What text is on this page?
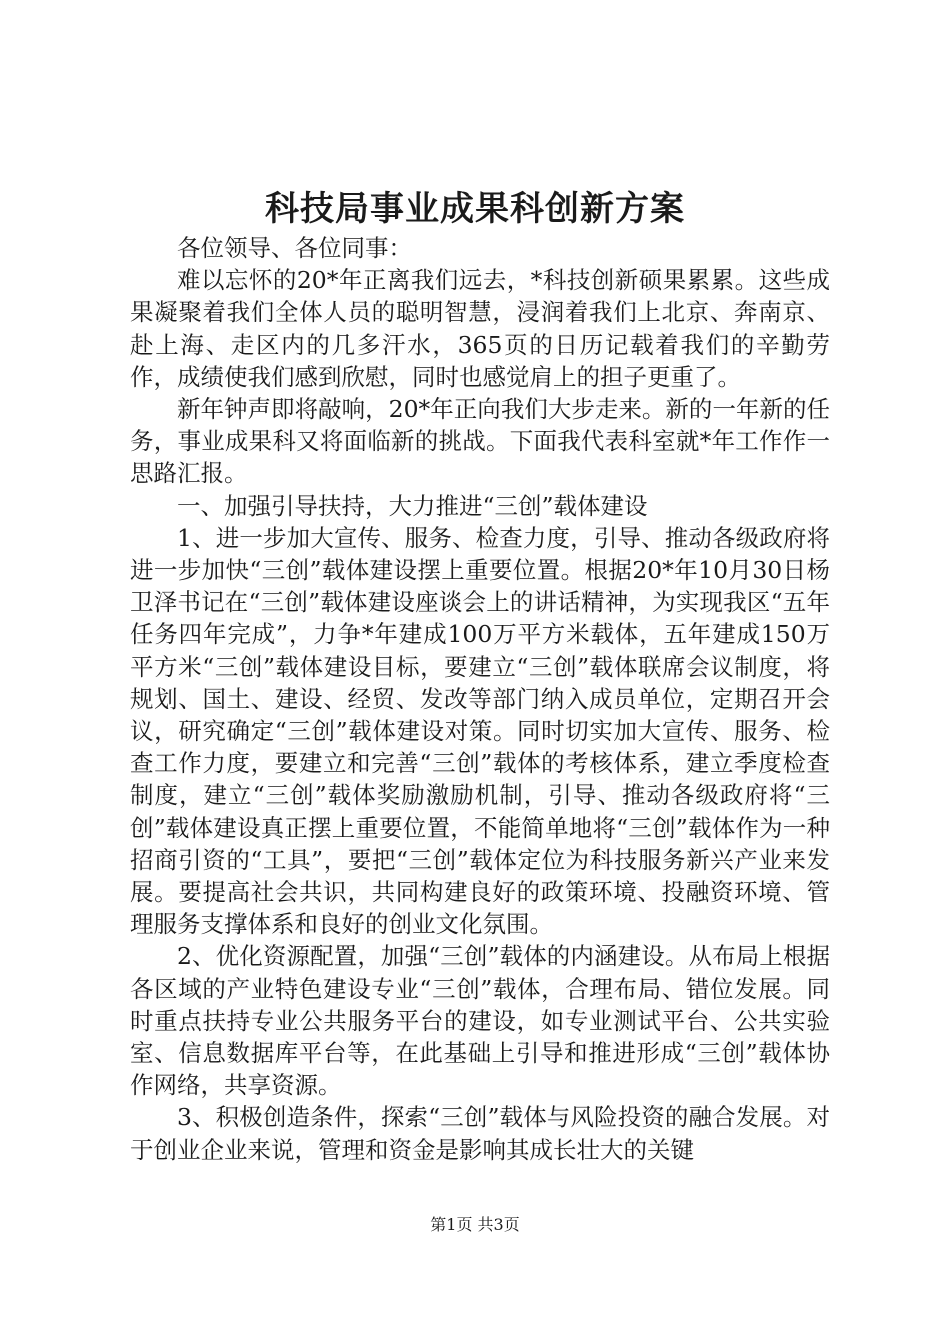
科技局事业成果科创新方案

各位领导、各位同事：

难以忘怀的20*年正离我们远去，*科技创新硕果累累。这些成果凝聚着我们全体人员的聪明智慧，浸润着我们上北京、奔南京、赴上海、走区内的几多汗水，365页的日历记载着我们的辛勤劳作，成绩使我们感到欣慰，同时也感觉肩上的担子更重了。

新年钟声即将敲响，20*年正向我们大步走来。新的一年新的任务，事业成果科又将面临新的挑战。下面我代表科室就*年工作作一思路汇报。

一、加强引导扶持，大力推进“三创”载体建设

1、进一步加大宣传、服务、检查力度，引导、推动各级政府将进一步加快“三创”载体建设摆上重要位置。根据20*年10月30日杨卫泽书记在“三创”载体建设座谈会上的讲话精神，为实现我区“五年任务四年完成”，力争*年建成100万平方米载体，五年建成150万平方米“三创”载体建设目标，要建立“三创”载体联席会议制度，将规划、国土、建设、经贸、发改等部门纳入成员单位，定期召开会议，研究确定“三创”载体建设对策。同时切实加大宣传、服务、检查工作力度，要建立和完善“三创”载体的考核体系，建立季度检查制度，建立“三创”载体奖励激励机制，引导、推动各级政府将“三创”载体建设真正摆上重要位置，不能简单地将“三创”载体作为一种招商引资的“工具”，要把“三创”载体定位为科技服务新兴产业来发展。要提高社会共识，共同构建良好的政策环境、投融资环境、管理服务支撑体系和良好的创业文化氛围。

2、优化资源配置，加强“三创”载体的内涵建设。从布局上根据各区域的产业特色建设专业“三创”载体，合理布局、错位发展。同时重点扶持专业公共服务平台的建设，如专业测试平台、公共实验室、信息数据库平台等，在此基础上引导和推进形成“三创”载体协作网络，共享资源。

3、积极创造条件，探索“三创”载体与风险投资的融合发展。对于创业企业来说，管理和资金是影响其成长壮大的关键

第1页 共3页
